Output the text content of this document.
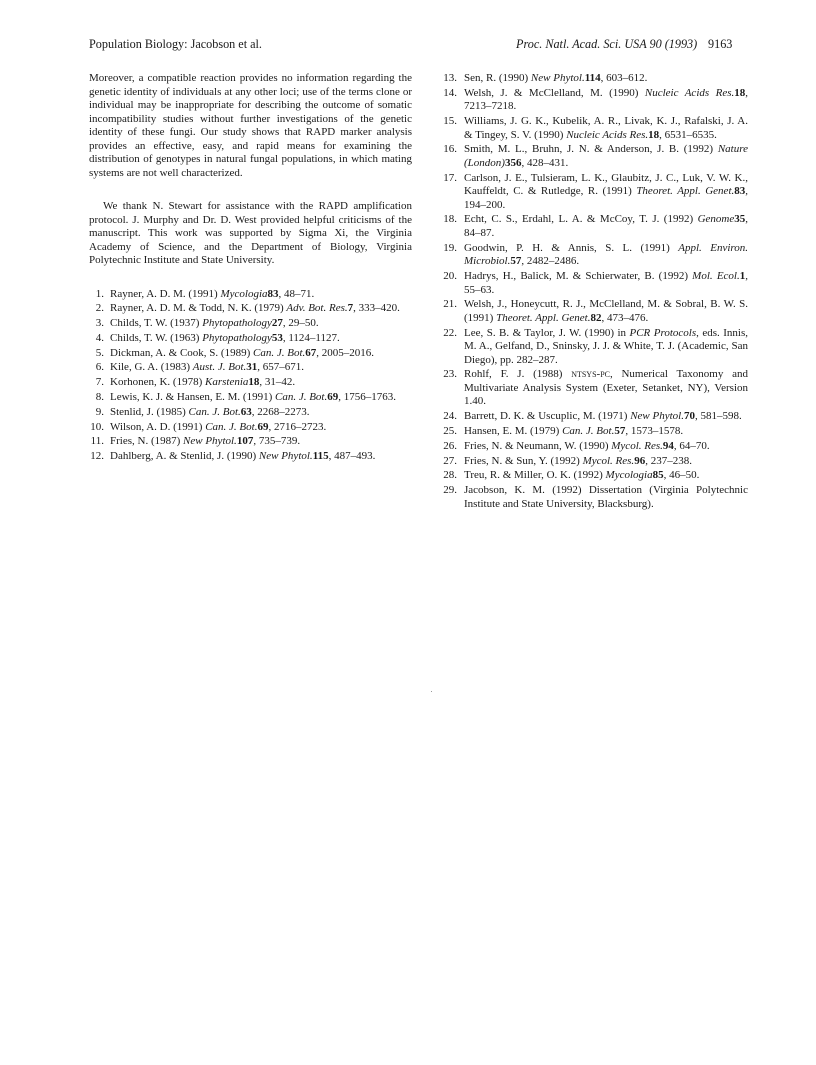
Population Biology: Jacobson et al.	Proc. Natl. Acad. Sci. USA 90 (1993) 9163

Moreover, a compatible reaction provides no information regarding the genetic identity of individuals at any other loci; use of the terms clone or individual may be inappropriate for describing the outcome of somatic incompatibility studies without further investigations of the genetic identity of these fungi. Our study shows that RAPD marker analysis provides an effective, easy, and rapid means for examining the distribution of genotypes in natural fungal populations, in which mating systems are not well characterized.

We thank N. Stewart for assistance with the RAPD amplification protocol. J. Murphy and Dr. D. West provided helpful criticisms of the manuscript. This work was supported by Sigma Xi, the Virginia Academy of Science, and the Department of Biology, Virginia Polytechnic Institute and State University.

1. Rayner, A. D. M. (1991) Mycologia83, 48–71.
2. Rayner, A. D. M. & Todd, N. K. (1979) Adv. Bot. Res.7, 333–420.
3. Childs, T. W. (1937) Phytopathology27, 29–50.
4. Childs, T. W. (1963) Phytopathology53, 1124–1127.
5. Dickman, A. & Cook, S. (1989) Can. J. Bot.67, 2005–2016.
6. Kile, G. A. (1983) Aust. J. Bot.31, 657–671.
7. Korhonen, K. (1978) Karstenia18, 31–42.
8. Lewis, K. J. & Hansen, E. M. (1991) Can. J. Bot.69, 1756–1763.
9. Stenlid, J. (1985) Can. J. Bot.63, 2268–2273.
10. Wilson, A. D. (1991) Can. J. Bot.69, 2716–2723.
11. Fries, N. (1987) New Phytol.107, 735–739.
12. Dahlberg, A. & Stenlid, J. (1990) New Phytol.115, 487–493.
13. Sen, R. (1990) New Phytol.114, 603–612.
14. Welsh, J. & McClelland, M. (1990) Nucleic Acids Res.18, 7213–7218.
15. Williams, J. G. K., Kubelik, A. R., Livak, K. J., Rafalski, J. A. & Tingey, S. V. (1990) Nucleic Acids Res.18, 6531–6535.
16. Smith, M. L., Bruhn, J. N. & Anderson, J. B. (1992) Nature (London)356, 428–431.
17. Carlson, J. E., Tulsieram, L. K., Glaubitz, J. C., Luk, V. W. K., Kauffeldt, C. & Rutledge, R. (1991) Theoret. Appl. Genet.83, 194–200.
18. Echt, C. S., Erdahl, L. A. & McCoy, T. J. (1992) Genome35, 84–87.
19. Goodwin, P. H. & Annis, S. L. (1991) Appl. Environ. Microbiol.57, 2482–2486.
20. Hadrys, H., Balick, M. & Schierwater, B. (1992) Mol. Ecol.1, 55–63.
21. Welsh, J., Honeycutt, R. J., McClelland, M. & Sobral, B. W. S. (1991) Theoret. Appl. Genet.82, 473–476.
22. Lee, S. B. & Taylor, J. W. (1990) in PCR Protocols, eds. Innis, M. A., Gelfand, D., Sninsky, J. J. & White, T. J. (Academic, San Diego), pp. 282–287.
23. Rohlf, F. J. (1988) ntsys-pc, Numerical Taxonomy and Multivariate Analysis System (Exeter, Setanket, NY), Version 1.40.
24. Barrett, D. K. & Uscuplic, M. (1971) New Phytol.70, 581–598.
25. Hansen, E. M. (1979) Can. J. Bot.57, 1573–1578.
26. Fries, N. & Neumann, W. (1990) Mycol. Res.94, 64–70.
27. Fries, N. & Sun, Y. (1992) Mycol. Res.96, 237–238.
28. Treu, R. & Miller, O. K. (1992) Mycologia85, 46–50.
29. Jacobson, K. M. (1992) Dissertation (Virginia Polytechnic Institute and State University, Blacksburg).
